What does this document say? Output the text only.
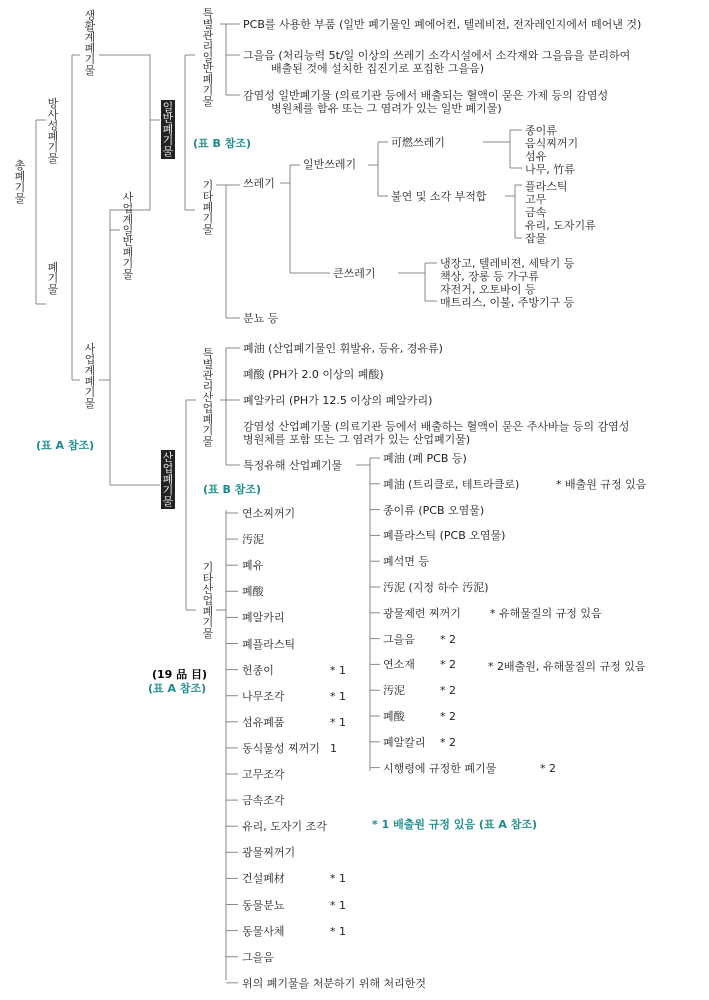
총폐기물
방사성폐기물
폐기물
생활계폐기물
사업계폐기물
사업계일반폐기물
일반폐기물
특별관리일반폐기물
기타폐기물
산업폐기물
특별관리산업폐기물
기타산업폐기물
(표 A 참조)
(표 B 참조)
(표 B 참조)
(19 品 目)
(표 A 참조)
* 1 배출원 규정 있음 (표 A 참조)
PCB를 사용한 부품 (일반 폐기물인 폐에어컨, 텔레비젼, 전자레인지에서 떼어낸 것)
그을음 (처리능력 5t/일 이상의 쓰레기 소각시설에서 소각재와 그을음을 분리하여
배출된 것에 설치한 집진기로 포집한 그을음)
감염성 일반폐기물 (의료기관 등에서 배출되는 혈액이 묻은 가제 등의 감염성
병원체를 함유 또는 그 염려가 있는 일반 폐기물)
쓰레기
일반쓰레기
可燃쓰레기
불연 및 소각 부적합
큰쓰레기
분뇨 등
종이류
음식찌꺼기
섬유
나무, 竹류
플라스틱
고무
금속
유리, 도자기류
잡물
냉장고, 텔레비젼, 세탁기 등
책상, 장롱 등 가구류
자전거, 오토바이 등
매트리스, 이불, 주방기구 등
폐油 (산업폐기물인 휘발유, 등유, 경유류)
폐酸 (PH가 2.0 이상의 폐酸)
폐알카리 (PH가 12.5 이상의 폐알카리)
감염성 산업폐기물 (의료기관 등에서 배출하는 혈액이 묻은 주사바늘 등의 감염성
병원체를 포함 또는 그 염려가 있는 산업폐기물)
특정유해 산업폐기물
* 2배출원, 유해물질의 규정 있음
폐油 (폐 PCB 등)
폐油 (트리클로, 테트라클로)	* 배출원 규정 있음
종이류 (PCB 오염물)
폐플라스틱 (PCB 오염물)
폐석면 등
汚泥 (지정 하수 汚泥)
광물제련 찌꺼기	* 유해물질의 규정 있음
그을음 * 2
연소재 * 2
汚泥	* 2
폐酸	* 2
폐알칼리 * 2
시행령에 규정한 폐기물	* 2
연소찌꺼기
汚泥
폐유
폐酸
폐알카리
폐플라스틱
헌종이	* 1
나무조각	* 1
섬유폐품	* 1
동식물성 찌꺼기 1
고무조각
금속조각
유리, 도자기 조각
광물찌꺼기
건설폐材	* 1
동물분뇨	* 1
동물사체	* 1
그을음
위의 폐기물을 처분하기 위해 처리한것
